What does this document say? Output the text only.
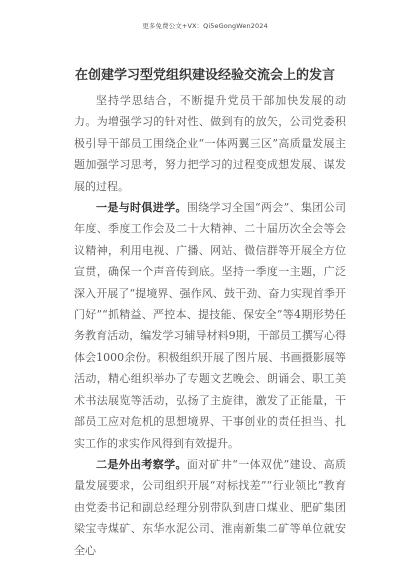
更多免费公文+VX：Qi5eGongWen2024
在创建学习型党组织建设经验交流会上的发言

坚持学思结合，不断提升党员干部加快发展的动力。为增强学习的针对性、做到有的放矢，公司党委积极引导干部员工围绕企业“一体两翼三区”高质量发展主题加强学习思考，努力把学习的过程变成想发展、谋发展的过程。

一是与时俱进学。围绕学习全国“两会”、集团公司年度、季度工作会及二十大精神、二十届历次全会等会议精神，利用电视、广播、网站、微信群等开展全方位宣贯，确保一个声音传到底。坚持一季度一主题，广泛深入开展了“提境界、强作风、鼓干劲、奋力实现首季开门好”“抓精益、严控本、提技能、保安全”等4期形势任务教育活动，编发学习辅导材料9期，干部员工撰写心得体会1000余份。积极组织开展了图片展、书画摄影展等活动，精心组织举办了专题文艺晚会、朗诵会、职工美术书法展览等活动，弘扬了主旋律，激发了正能量，干部员工应对危机的思想境界、干事创业的责任担当、扎实工作的求实作风得到有效提升。

二是外出考察学。面对矿井“一体双优”建设、高质量发展要求，公司组织开展“对标找差”“行业领比”教育由党委书记和副总经理分别带队到唐口煤业、肥矿集团梁宝寺煤矿、东华水泥公司、淮南新集二矿等单位就安全心
